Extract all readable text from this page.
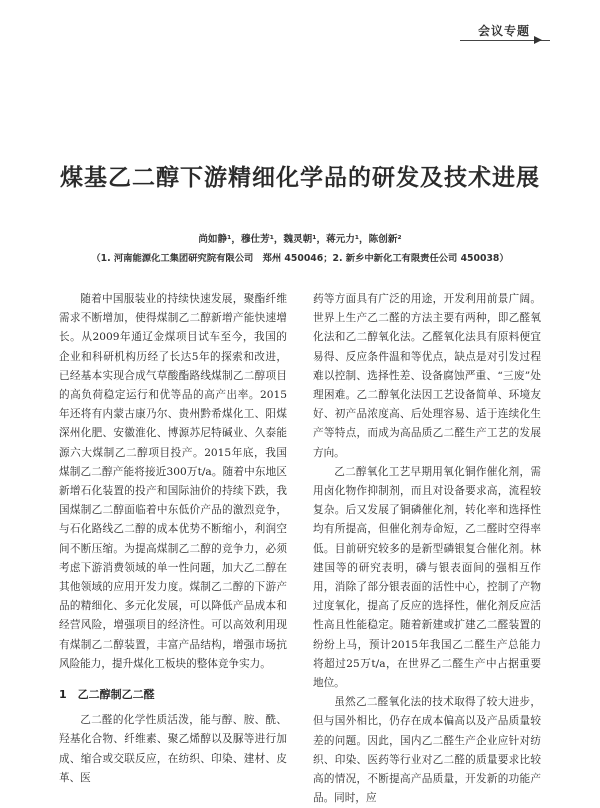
会议专题
煤基乙二醇下游精细化学品的研发及技术进展
尚如静¹，穆仕芳¹，魏灵朝¹，蒋元力¹，陈创新²
（1. 河南能源化工集团研究院有限公司　郑州 450046；2. 新乡中新化工有限责任公司 450038）

随着中国服装业的持续快速发展，聚酯纤维需求不断增加，使得煤制乙二醇新增产能快速增长。从2009年通辽金煤项目试车至今，我国的企业和科研机构历经了长达5年的探索和改进，已经基本实现合成气草酸酯路线煤制乙二醇项目的高负荷稳定运行和优等品的高产出率。2015年还将有内蒙古康乃尔、贵州黔希煤化工、阳煤深州化肥、安徽淮化、博源苏尼特碱业、久泰能源六大煤制乙二醇项目投产。2015年底，我国煤制乙二醇产能将接近300万t/a。随着中东地区新增石化装置的投产和国际油价的持续下跌，我国煤制乙二醇面临着中东低价产品的激烈竞争，与石化路线乙二醇的成本优势不断缩小，利润空间不断压缩。为提高煤制乙二醇的竞争力，必须考虑下游消费领域的单一性问题，加大乙二醇在其他领域的应用开发力度。煤制乙二醇的下游产品的精细化、多元化发展，可以降低产品成本和经营风险，增强项目的经济性。可以高效利用现有煤制乙二醇装置，丰富产品结构，增强市场抗风险能力，提升煤化工板块的整体竞争实力。

1　乙二醇制乙二醛

乙二醛的化学性质活泼，能与醇、胺、酰、羟基化合物、纤维素、聚乙烯醇以及脲等进行加成、缩合或交联反应，在纺织、印染、建材、皮革、医

药等方面具有广泛的用途，开发利用前景广阔。世界上生产乙二醛的方法主要有两种，即乙醛氧化法和乙二醇氧化法。乙醛氧化法具有原料便宜易得、反应条件温和等优点，缺点是对引发过程难以控制、选择性差、设备腐蚀严重、“三废”处理困难。乙二醇氧化法因工艺设备简单、环境友好、初产品浓度高、后处理容易、适于连续化生产等特点，而成为高品质乙二醛生产工艺的发展方向。

乙二醇氧化工艺早期用氧化铜作催化剂，需用卤化物作抑制剂，而且对设备要求高，流程较复杂。后又发展了铜磷催化剂，转化率和选择性均有所提高，但催化剂寿命短，乙二醛时空得率低。目前研究较多的是新型磷银复合催化剂。林建国等的研究表明，磷与银表面间的强相互作用，消除了部分银表面的活性中心，控制了产物过度氧化，提高了反应的选择性，催化剂反应活性高且性能稳定。随着新建或扩建乙二醛装置的纷纷上马，预计2015年我国乙二醛生产总能力将超过25万t/a，在世界乙二醛生产中占据重要地位。

虽然乙二醛氧化法的技术取得了较大进步，但与国外相比，仍存在成本偏高以及产品质量较差的问题。因此，国内乙二醛生产企业应针对纺织、印染、医药等行业对乙二醛的质量要求比较高的情况，不断提高产品质量，开发新的功能产品。同时，应
